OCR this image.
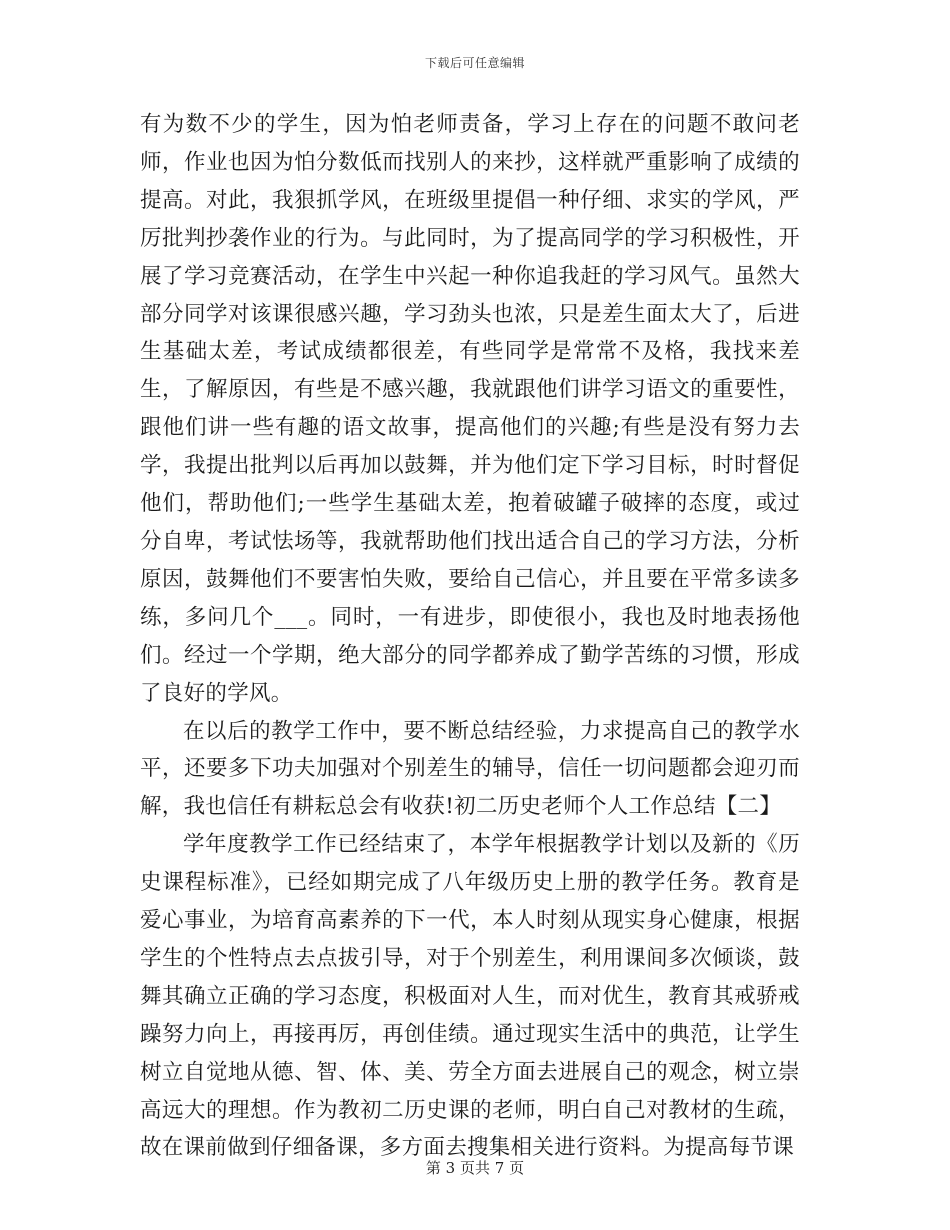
下载后可任意编辑

有为数不少的学生，因为怕老师责备，学习上存在的问题不敢问老师，作业也因为怕分数低而找别人的来抄，这样就严重影响了成绩的提高。对此，我狠抓学风，在班级里提倡一种仔细、求实的学风，严厉批判抄袭作业的行为。与此同时，为了提高同学的学习积极性，开展了学习竞赛活动，在学生中兴起一种你追我赶的学习风气。虽然大部分同学对该课很感兴趣，学习劲头也浓，只是差生面太大了，后进生基础太差，考试成绩都很差，有些同学是常常不及格，我找来差生，了解原因，有些是不感兴趣，我就跟他们讲学习语文的重要性，跟他们讲一些有趣的语文故事，提高他们的兴趣;有些是没有努力去学，我提出批判以后再加以鼓舞，并为他们定下学习目标，时时督促他们，帮助他们;一些学生基础太差，抱着破罐子破摔的态度，或过分自卑，考试怯场等，我就帮助他们找出适合自己的学习方法，分析原因，鼓舞他们不要害怕失败，要给自己信心，并且要在平常多读多练，多问几个___。同时，一有进步，即使很小，我也及时地表扬他们。经过一个学期，绝大部分的同学都养成了勤学苦练的习惯，形成了良好的学风。

在以后的教学工作中，要不断总结经验，力求提高自己的教学水平，还要多下功夫加强对个别差生的辅导，信任一切问题都会迎刃而解，我也信任有耕耘总会有收获!初二历史老师个人工作总结【二】

学年度教学工作已经结束了，本学年根据教学计划以及新的《历史课程标准》，已经如期完成了八年级历史上册的教学任务。教育是爱心事业，为培育高素养的下一代，本人时刻从现实身心健康，根据学生的个性特点去点拔引导，对于个别差生，利用课间多次倾谈，鼓舞其确立正确的学习态度，积极面对人生，而对优生，教育其戒骄戒躁努力向上，再接再厉，再创佳绩。通过现实生活中的典范，让学生树立自觉地从德、智、体、美、劳全方面去进展自己的观念，树立崇高远大的理想。作为教初二历史课的老师，明白自己对教材的生疏，故在课前做到仔细备课，多方面去搜集相关进行资料。为提高每节课

第 3 页共 7 页
